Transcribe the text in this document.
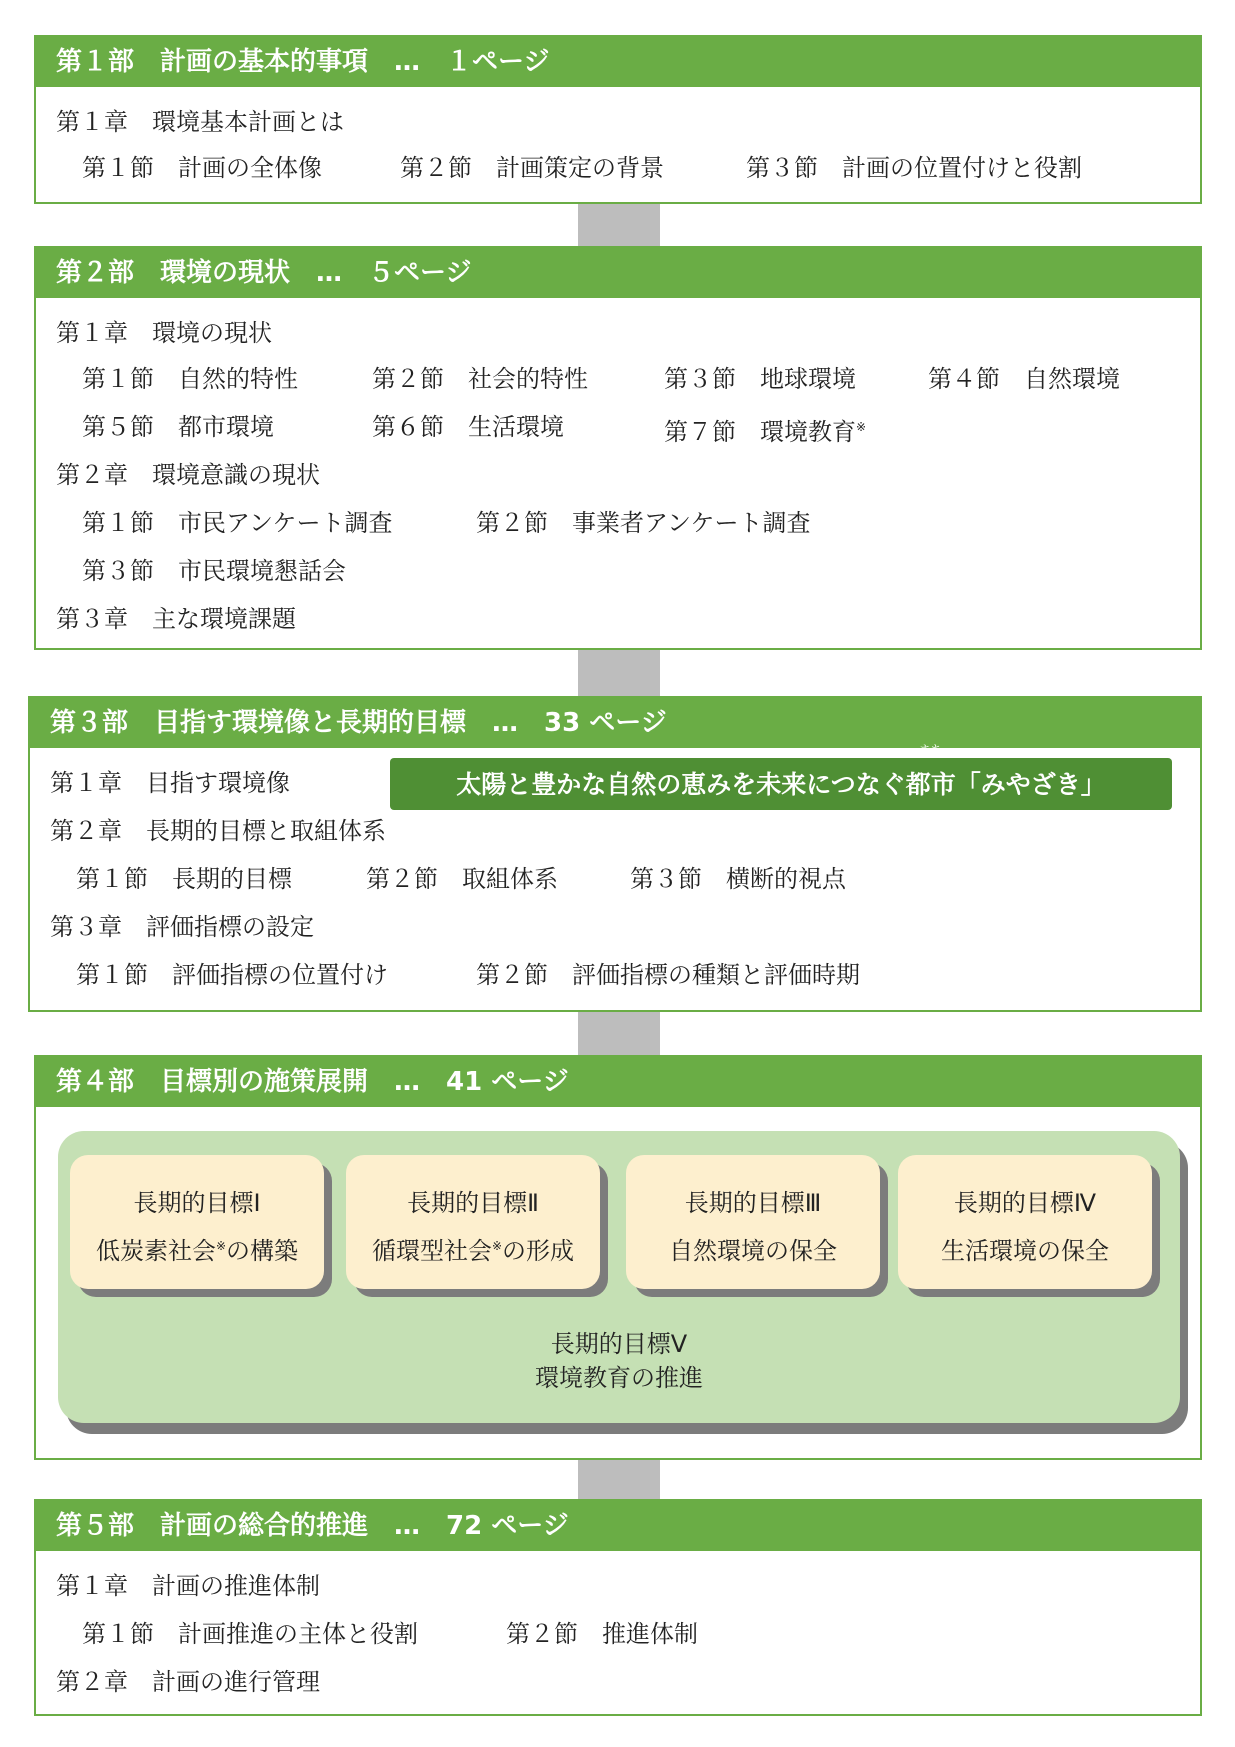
第１部　計画の基本的事項　…　１ページ
第１章　環境基本計画とは
第１節　計画の全体像	第２節　計画策定の背景	第３節　計画の位置付けと役割
第２部　環境の現状　…　５ページ
第１章　環境の現状
第１節　自然的特性	第２節　社会的特性	第３節　地球環境	第４節　自然環境
第５節　都市環境	第６節　生活環境	第７節　環境教育※
第２章　環境意識の現状
第１節　市民アンケート調査	第２節　事業者アンケート調査
第３節　市民環境懇話会
第３章　主な環境課題
第３部　目指す環境像と長期的目標　…　33 ページ
第１章　目指す環境像	太陽と豊かな自然の恵みを未来につなぐ
まち
都市「みやざき」
第２章　長期的目標と取組体系
第１節　長期的目標	第２節　取組体系	第３節　横断的視点
第３章　評価指標の設定
第１節　評価指標の位置付け	第２節　評価指標の種類と評価時期
第４部　目標別の施策展開　…　41 ページ
長期的目標Ⅰ
低炭素社会※の構築
長期的目標Ⅱ
循環型社会※の形成
長期的目標Ⅲ
自然環境の保全
長期的目標Ⅳ
生活環境の保全
長期的目標Ⅴ
環境教育の推進
第５部　計画の総合的推進　…　72 ページ
第１章　計画の推進体制
第１節　計画推進の主体と役割	第２節　推進体制
第２章　計画の進行管理
